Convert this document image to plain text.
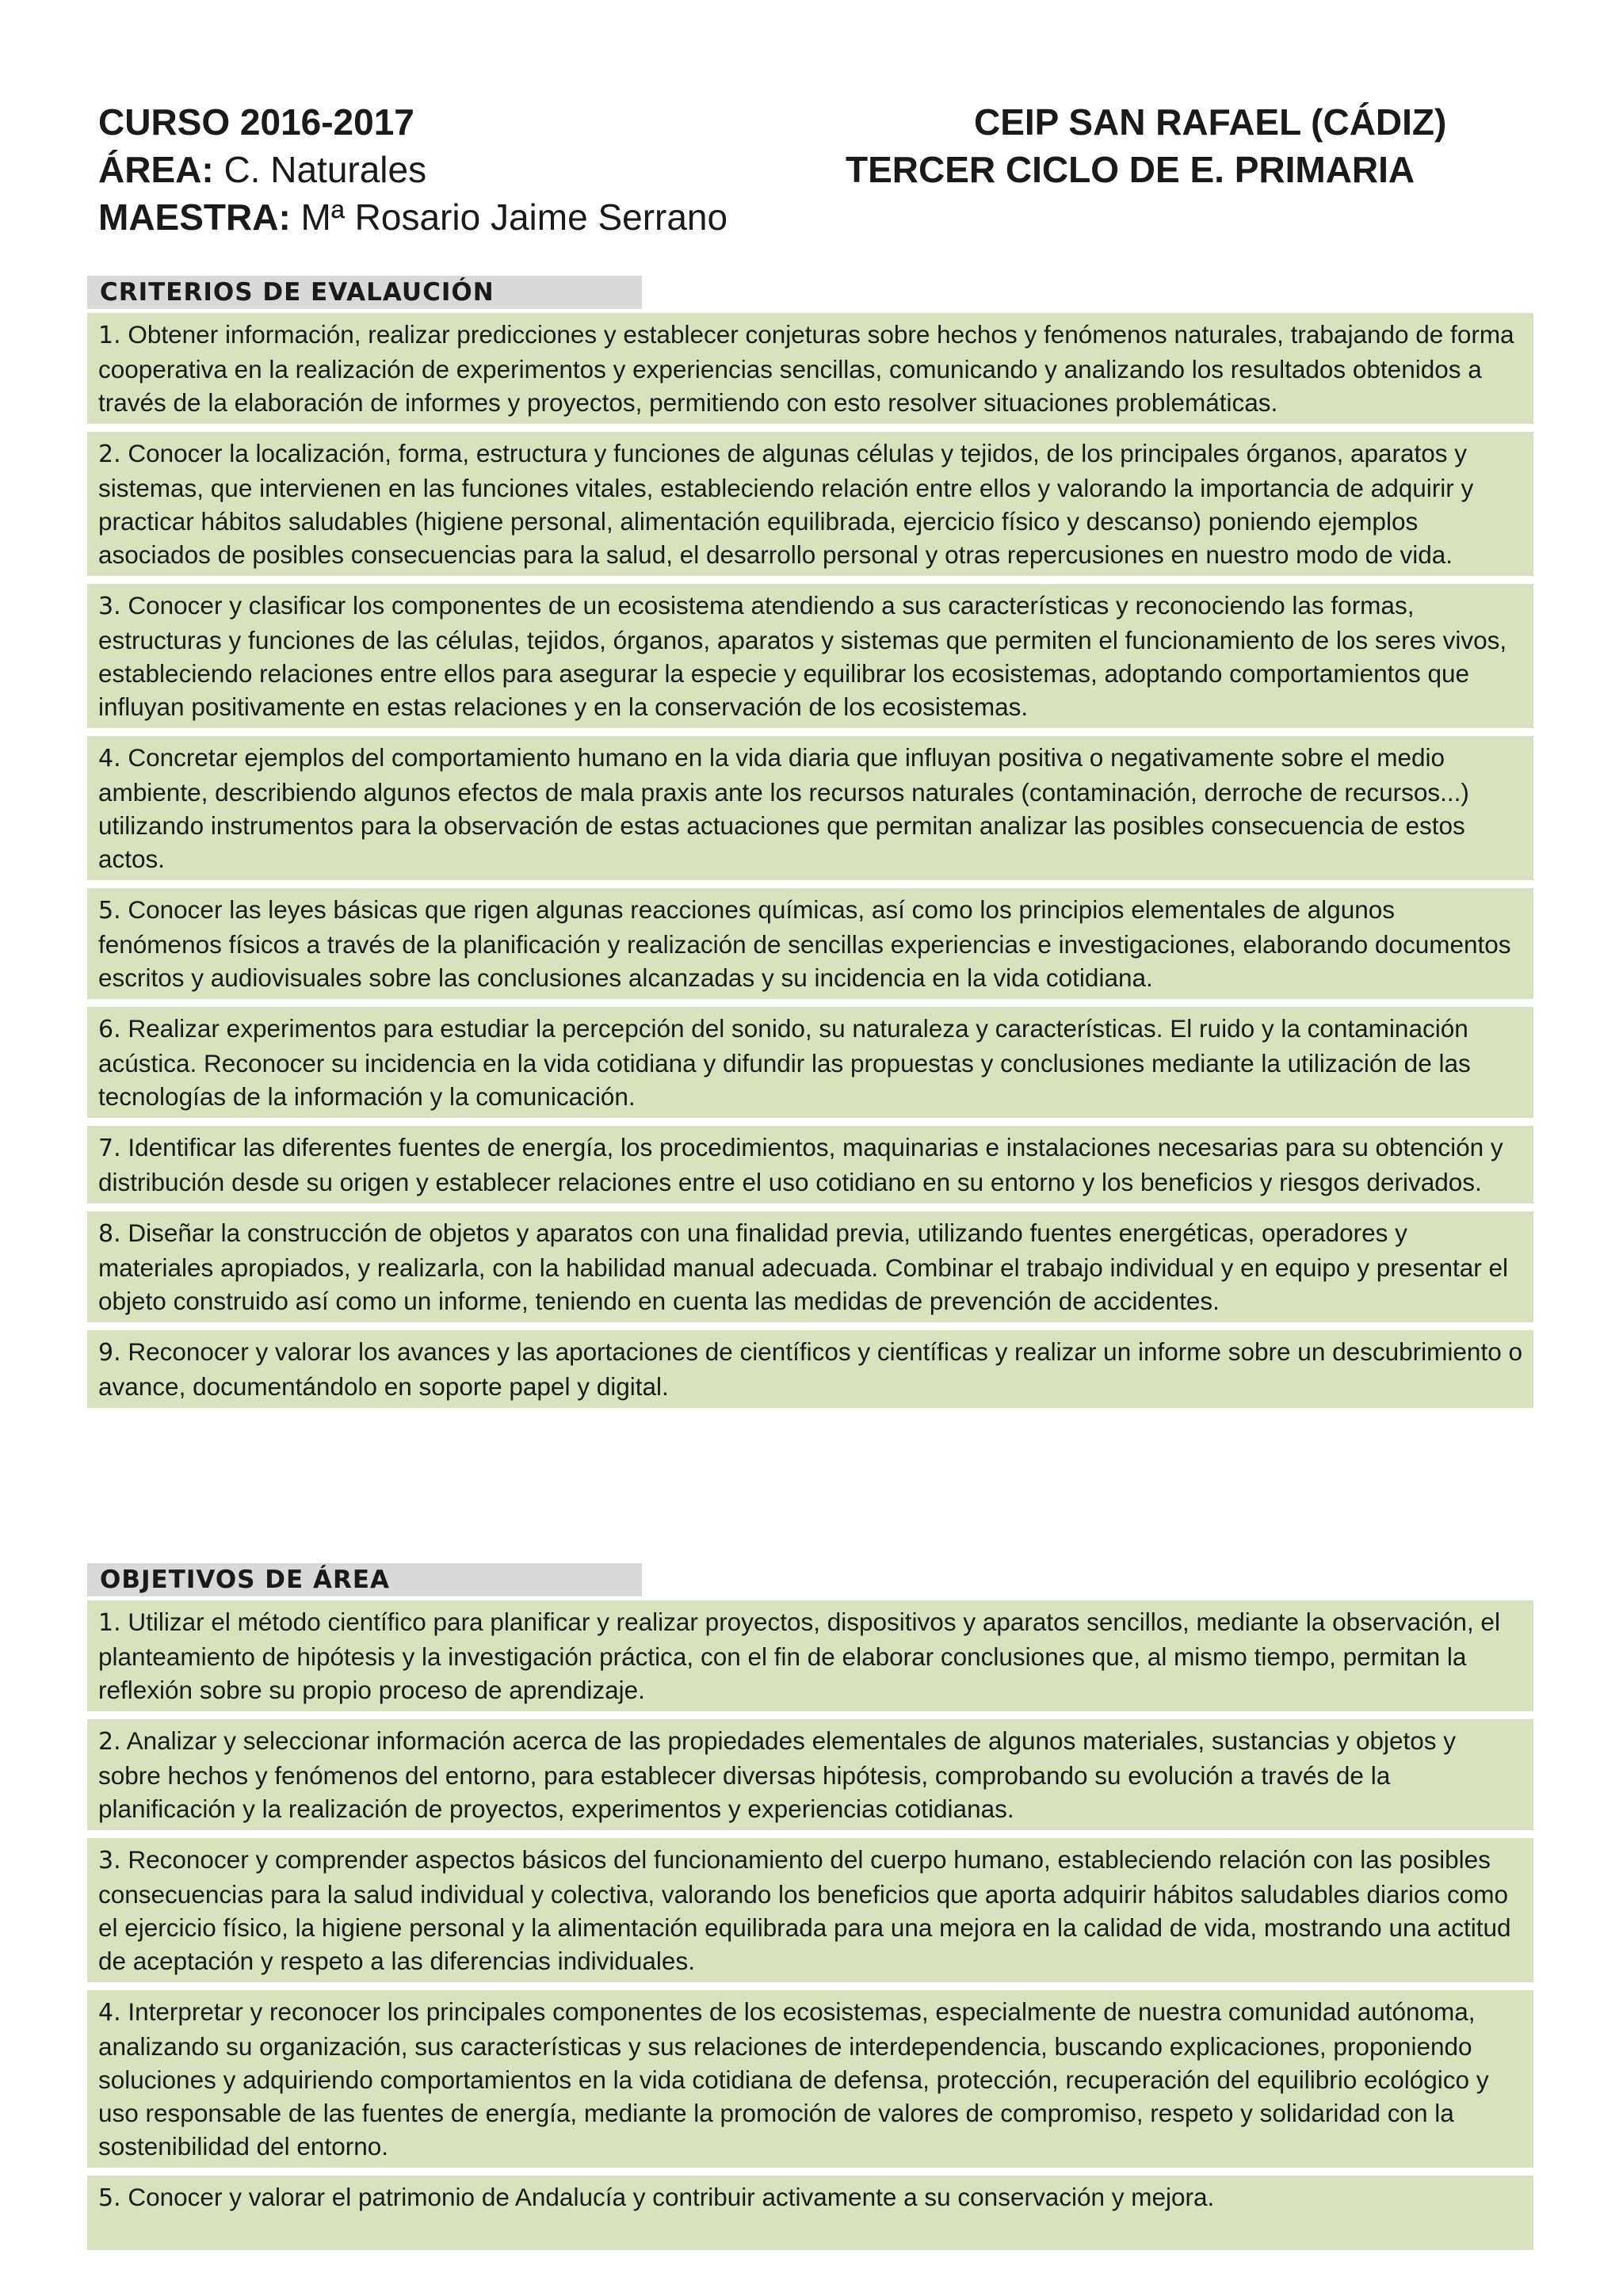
CURSO 2016-2017
ÁREA: C. Naturales
MAESTRA: Mª Rosario Jaime Serrano
CEIP SAN RAFAEL (CÁDIZ)
TERCER CICLO DE E. PRIMARIA
CRITERIOS DE EVALAUCIÓN
1. Obtener información, realizar predicciones y establecer conjeturas sobre hechos y fenómenos naturales, trabajando de forma cooperativa en la realización de experimentos y experiencias sencillas, comunicando y analizando los resultados obtenidos a través de la elaboración de informes y proyectos, permitiendo con esto resolver situaciones problemáticas.
2. Conocer la localización, forma, estructura y funciones de algunas células y tejidos, de los principales órganos, aparatos y sistemas, que intervienen en las funciones vitales, estableciendo relación entre ellos y valorando la importancia de adquirir y practicar hábitos saludables (higiene personal, alimentación equilibrada, ejercicio físico y descanso) poniendo ejemplos asociados de posibles consecuencias para la salud, el desarrollo personal y otras repercusiones en nuestro modo de vida.
3. Conocer y clasificar los componentes de un ecosistema atendiendo a sus características y reconociendo las formas, estructuras y funciones de las células, tejidos, órganos, aparatos y sistemas que permiten el funcionamiento de los seres vivos, estableciendo relaciones entre ellos para asegurar la especie y equilibrar los ecosistemas, adoptando comportamientos que influyan positivamente en estas relaciones y en la conservación de los ecosistemas.
4. Concretar ejemplos del comportamiento humano en la vida diaria que influyan positiva o negativamente sobre el medio ambiente, describiendo algunos efectos de mala praxis ante los recursos naturales (contaminación, derroche de recursos...) utilizando instrumentos para la observación de estas actuaciones que permitan analizar las posibles consecuencia de estos actos.
5. Conocer las leyes básicas que rigen algunas reacciones químicas, así como los principios elementales de algunos fenómenos físicos a través de la planificación y realización de sencillas experiencias e investigaciones, elaborando documentos escritos y audiovisuales sobre las conclusiones alcanzadas y su incidencia en la vida cotidiana.
6. Realizar experimentos para estudiar la percepción del sonido, su naturaleza y características. El ruido y la contaminación acústica. Reconocer su incidencia en la vida cotidiana y difundir las propuestas y conclusiones mediante la utilización de las tecnologías de la información y la comunicación.
7. Identificar las diferentes fuentes de energía, los procedimientos, maquinarias e instalaciones necesarias para su obtención y distribución desde su origen y establecer relaciones entre el uso cotidiano en su entorno y los beneficios y riesgos derivados.
8. Diseñar la construcción de objetos y aparatos con una finalidad previa, utilizando fuentes energéticas, operadores y materiales apropiados, y realizarla, con la habilidad manual adecuada. Combinar el trabajo individual y en equipo y presentar el objeto construido así como un informe, teniendo en cuenta las medidas de prevención de accidentes.
9. Reconocer y valorar los avances y las aportaciones de científicos y científicas y realizar un informe sobre un descubrimiento o avance, documentándolo en soporte papel y digital.
OBJETIVOS DE ÁREA
1. Utilizar el método científico para planificar y realizar proyectos, dispositivos y aparatos sencillos, mediante la observación, el planteamiento de hipótesis y la investigación práctica, con el fin de elaborar conclusiones que, al mismo tiempo, permitan la reflexión sobre su propio proceso de aprendizaje.
2. Analizar y seleccionar información acerca de las propiedades elementales de algunos materiales, sustancias y objetos y sobre hechos y fenómenos del entorno, para establecer diversas hipótesis, comprobando su evolución a través de la planificación y la realización de proyectos, experimentos y experiencias cotidianas.
3. Reconocer y comprender aspectos básicos del funcionamiento del cuerpo humano, estableciendo relación con las posibles consecuencias para la salud individual y colectiva, valorando los beneficios que aporta adquirir hábitos saludables diarios como el ejercicio físico, la higiene personal y la alimentación equilibrada para una mejora en la calidad de vida, mostrando una actitud de aceptación y respeto a las diferencias individuales.
4. Interpretar y reconocer los principales componentes de los ecosistemas, especialmente de nuestra comunidad autónoma, analizando su organización, sus características y sus relaciones de interdependencia, buscando explicaciones, proponiendo soluciones y adquiriendo comportamientos en la vida cotidiana de defensa, protección, recuperación del equilibrio ecológico y uso responsable de las fuentes de energía, mediante la promoción de valores de compromiso, respeto y solidaridad con la sostenibilidad del entorno.
5. Conocer y valorar el patrimonio de Andalucía y contribuir activamente a su conservación y mejora.
